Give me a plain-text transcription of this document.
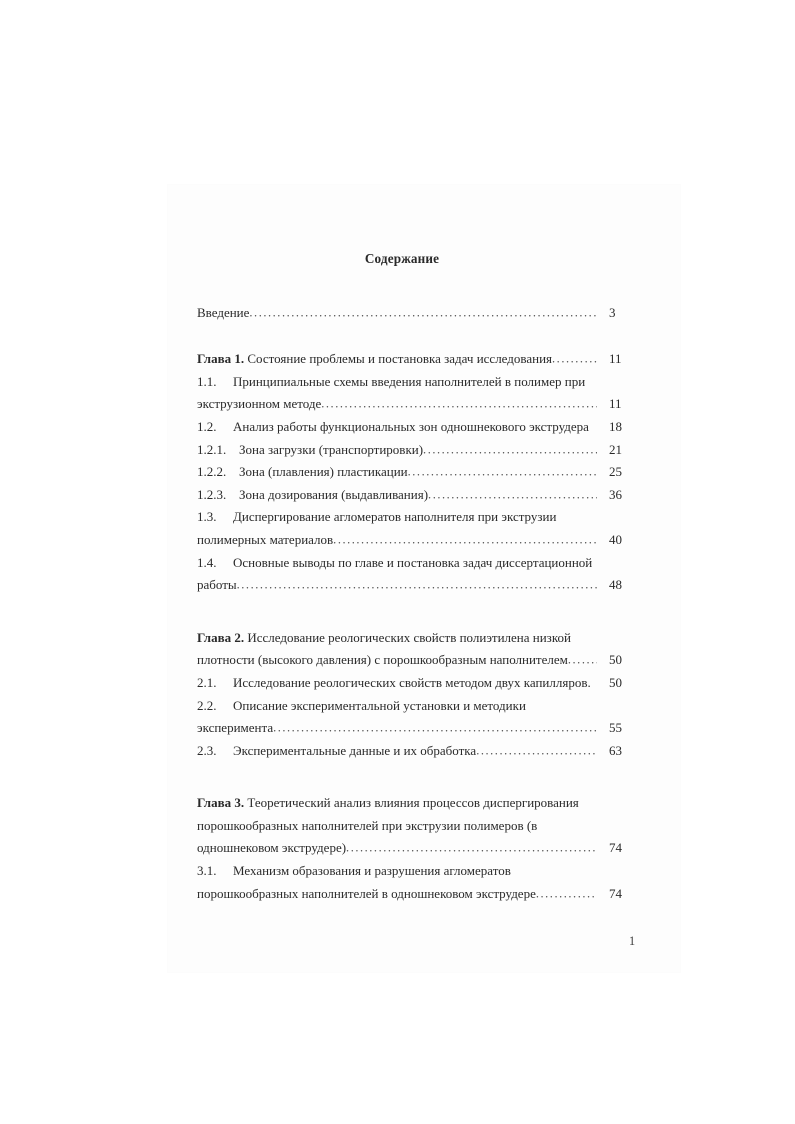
Содержание
Введение .....	3
Глава 1. Состояние проблемы и постановка задач исследования .....	11
1.1.	Принципиальные схемы введения наполнителей в полимер при
экструзионном методе .....	11
1.2.	Анализ работы функциональных зон одношнекового экструдера	18
1.2.1. Зона загрузки (транспортировки) .....	21
1.2.2. Зона (плавления) пластикации .....	25
1.2.3. Зона дозирования (выдавливания) .....	36
1.3.	Диспергирование агломератов наполнителя при экструзии
полимерных материалов .....	40
1.4.	Основные выводы по главе и постановка задач диссертационной
работы .....	48
Глава 2. Исследование реологических свойств полиэтилена низкой
плотности (высокого давления) с порошкообразным наполнителем .....	50
2.1.	Исследование реологических свойств методом двух капилляров.	50
2.2.	Описание экспериментальной установки и методики
эксперимента .....	55
2.3.	Экспериментальные данные и их обработка .....	63
Глава 3. Теоретический анализ влияния процессов диспергирования
порошкообразных наполнителей при экструзии полимеров (в
одношнековом экструдере) .....	74
3.1.	Механизм образования и разрушения агломератов
порошкообразных наполнителей в одношнековом экструдере .....	74
1
